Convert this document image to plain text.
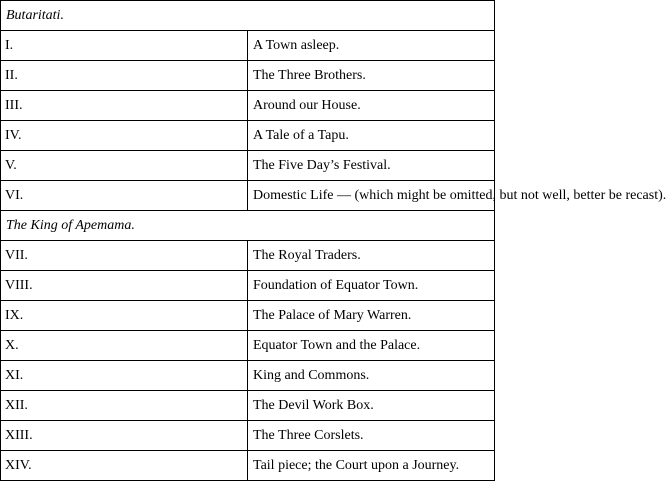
Butaritati.	
I.	A Town asleep.
II.	The Three Brothers.
III.	Around our House.
IV.	A Tale of a Tapu.
V.	The Five Day’s Festival.
VI.	Domestic Life — (which might be omitted, but not well, better be recast).
The King of Apemama.	
VII.	The Royal Traders.
VIII.	Foundation of Equator Town.
IX.	The Palace of Mary Warren.
X.	Equator Town and the Palace.
XI.	King and Commons.
XII.	The Devil Work Box.
XIII.	The Three Corslets.
XIV.	Tail piece; the Court upon a Journey.
